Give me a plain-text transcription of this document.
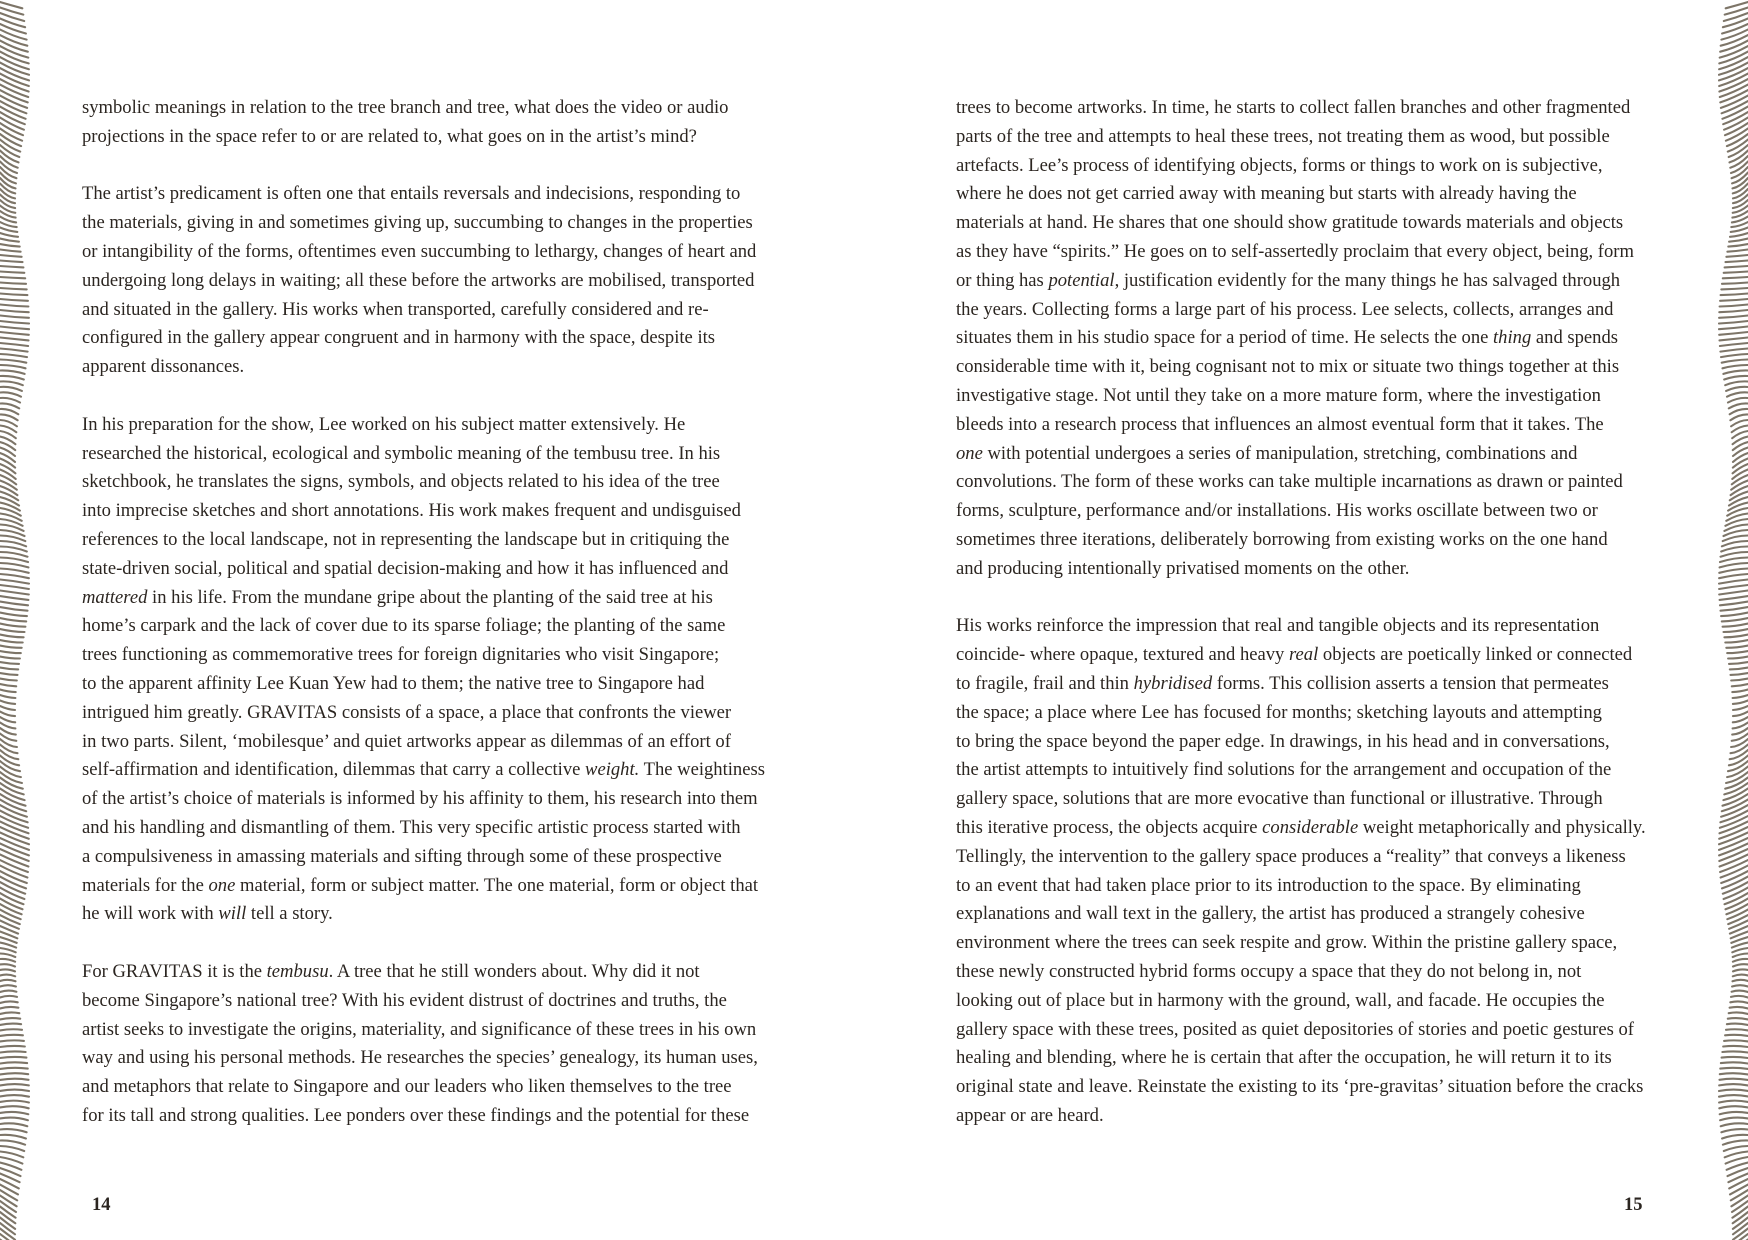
symbolic meanings in relation to the tree branch and tree, what does the video or audio
projections in the space refer to or are related to, what goes on in the artist’s mind?

The artist’s predicament is often one that entails reversals and indecisions, responding to
the materials, giving in and sometimes giving up, succumbing to changes in the properties
or intangibility of the forms, oftentimes even succumbing to lethargy, changes of heart and
undergoing long delays in waiting; all these before the artworks are mobilised, transported
and situated in the gallery. His works when transported, carefully considered and re-
configured in the gallery appear congruent and in harmony with the space, despite its
apparent dissonances.

In his preparation for the show, Lee worked on his subject matter extensively. He
researched the historical, ecological and symbolic meaning of the tembusu tree. In his
sketchbook, he translates the signs, symbols, and objects related to his idea of the tree
into imprecise sketches and short annotations. His work makes frequent and undisguised
references to the local landscape, not in representing the landscape but in critiquing the
state-driven social, political and spatial decision-making and how it has influenced and
mattered in his life. From the mundane gripe about the planting of the said tree at his
home’s carpark and the lack of cover due to its sparse foliage; the planting of the same
trees functioning as commemorative trees for foreign dignitaries who visit Singapore;
to the apparent affinity Lee Kuan Yew had to them; the native tree to Singapore had
intrigued him greatly. GRAVITAS consists of a space, a place that confronts the viewer
in two parts. Silent, ‘mobilesque’ and quiet artworks appear as dilemmas of an effort of
self-affirmation and identification, dilemmas that carry a collective weight. The weightiness
of the artist’s choice of materials is informed by his affinity to them, his research into them
and his handling and dismantling of them. This very specific artistic process started with
a compulsiveness in amassing materials and sifting through some of these prospective
materials for the one material, form or subject matter. The one material, form or object that
he will work with will tell a story.

For GRAVITAS it is the tembusu. A tree that he still wonders about. Why did it not
become Singapore’s national tree? With his evident distrust of doctrines and truths, the
artist seeks to investigate the origins, materiality, and significance of these trees in his own
way and using his personal methods. He researches the species’ genealogy, its human uses,
and metaphors that relate to Singapore and our leaders who liken themselves to the tree
for its tall and strong qualities. Lee ponders over these findings and the potential for these

trees to become artworks. In time, he starts to collect fallen branches and other fragmented
parts of the tree and attempts to heal these trees, not treating them as wood, but possible
artefacts. Lee’s process of identifying objects, forms or things to work on is subjective,
where he does not get carried away with meaning but starts with already having the
materials at hand. He shares that one should show gratitude towards materials and objects
as they have “spirits.” He goes on to self-assertedly proclaim that every object, being, form
or thing has potential, justification evidently for the many things he has salvaged through
the years. Collecting forms a large part of his process. Lee selects, collects, arranges and
situates them in his studio space for a period of time. He selects the one thing and spends
considerable time with it, being cognisant not to mix or situate two things together at this
investigative stage. Not until they take on a more mature form, where the investigation
bleeds into a research process that influences an almost eventual form that it takes. The
one with potential undergoes a series of manipulation, stretching, combinations and
convolutions. The form of these works can take multiple incarnations as drawn or painted
forms, sculpture, performance and/or installations. His works oscillate between two or
sometimes three iterations, deliberately borrowing from existing works on the one hand
and producing intentionally privatised moments on the other.

His works reinforce the impression that real and tangible objects and its representation
coincide- where opaque, textured and heavy real objects are poetically linked or connected
to fragile, frail and thin hybridised forms. This collision asserts a tension that permeates
the space; a place where Lee has focused for months; sketching layouts and attempting
to bring the space beyond the paper edge. In drawings, in his head and in conversations,
the artist attempts to intuitively find solutions for the arrangement and occupation of the
gallery space, solutions that are more evocative than functional or illustrative. Through
this iterative process, the objects acquire considerable weight metaphorically and physically.
Tellingly, the intervention to the gallery space produces a “reality” that conveys a likeness
to an event that had taken place prior to its introduction to the space. By eliminating
explanations and wall text in the gallery, the artist has produced a strangely cohesive
environment where the trees can seek respite and grow. Within the pristine gallery space,
these newly constructed hybrid forms occupy a space that they do not belong in, not
looking out of place but in harmony with the ground, wall, and facade. He occupies the
gallery space with these trees, posited as quiet depositories of stories and poetic gestures of
healing and blending, where he is certain that after the occupation, he will return it to its
original state and leave. Reinstate the existing to its ‘pre-gravitas’ situation before the cracks
appear or are heard.

14	15
